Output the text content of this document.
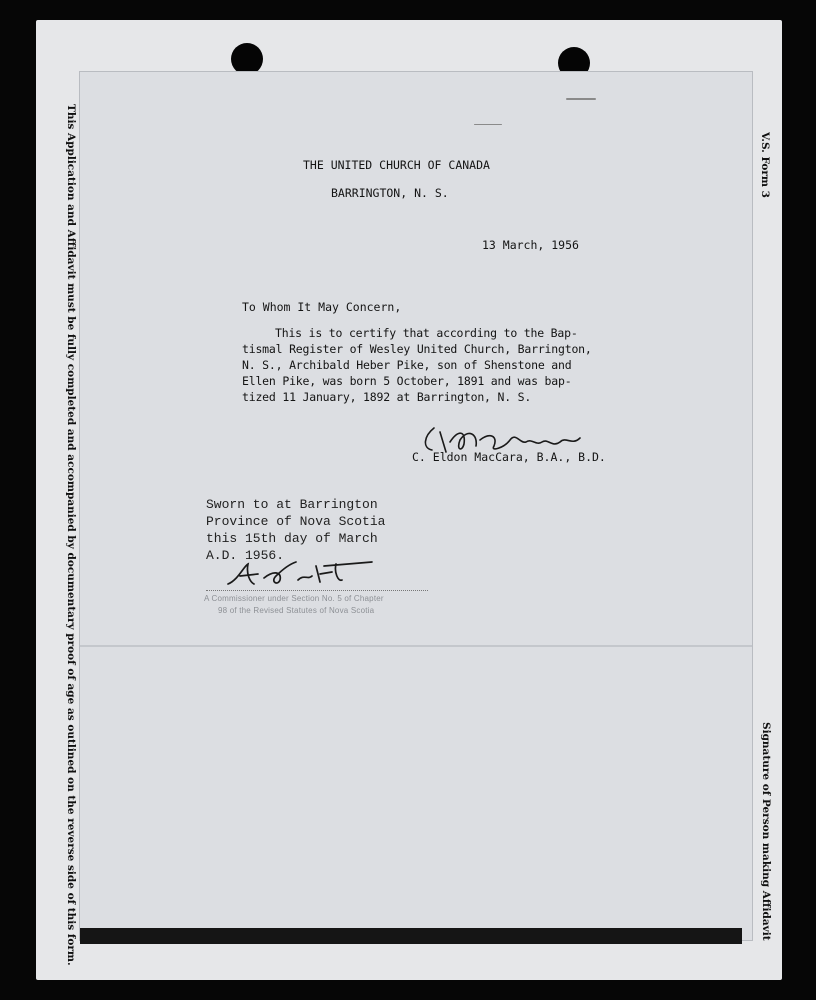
This Application and Affidavit must be fully completed and accompanied by documentary proof of age as outlined on the reverse side of this form.	Signature of Person making Affidavit
V.S. Form 3
THE UNITED CHURCH OF CANADA
BARRINGTON, N. S.
13 March, 1956
To Whom It May Concern,
This is to certify that according to the Bap-
tismal Register of Wesley United Church, Barrington,
N. S., Archibald Heber Pike, son of Shenstone and
Ellen Pike, was born 5 October, 1891 and was bap-
tized 11 January, 1892 at Barrington, N. S.
C. Eldon MacCara, B.A., B.D.
Sworn to at Barrington
Province of Nova Scotia
this 15th day of March
A.D. 1956.
A Commissioner under Section No. 5 of Chapter
98 of the Revised Statutes of Nova Scotia
